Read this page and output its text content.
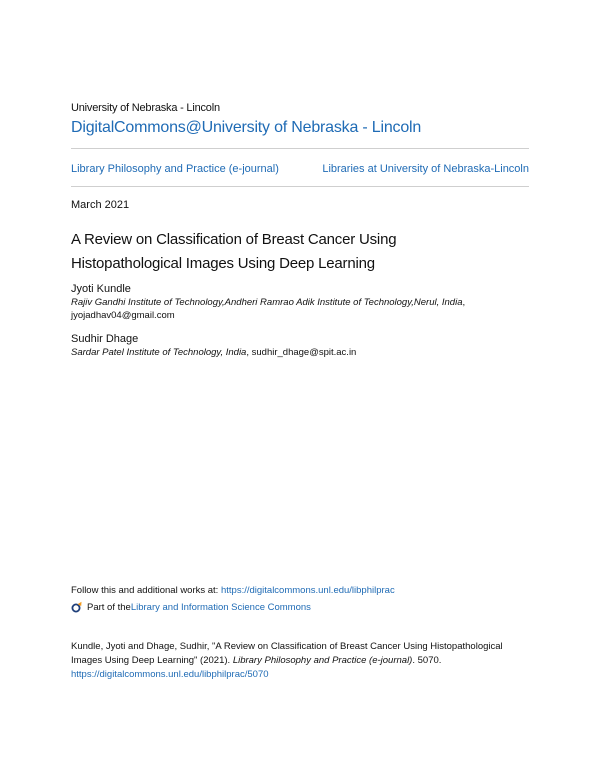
University of Nebraska - Lincoln
DigitalCommons@University of Nebraska - Lincoln
Library Philosophy and Practice (e-journal)	Libraries at University of Nebraska-Lincoln
March 2021
A Review on Classification of Breast Cancer Using Histopathological Images Using Deep Learning
Jyoti Kundle
Rajiv Gandhi Institute of Technology,Andheri Ramrao Adik Institute of Technology,Nerul, India,
jyojadhav04@gmail.com
Sudhir Dhage
Sardar Patel Institute of Technology, India, sudhir_dhage@spit.ac.in
Follow this and additional works at: https://digitalcommons.unl.edu/libphilprac
Part of the Library and Information Science Commons
Kundle, Jyoti and Dhage, Sudhir, "A Review on Classification of Breast Cancer Using Histopathological Images Using Deep Learning" (2021). Library Philosophy and Practice (e-journal). 5070.
https://digitalcommons.unl.edu/libphilprac/5070
